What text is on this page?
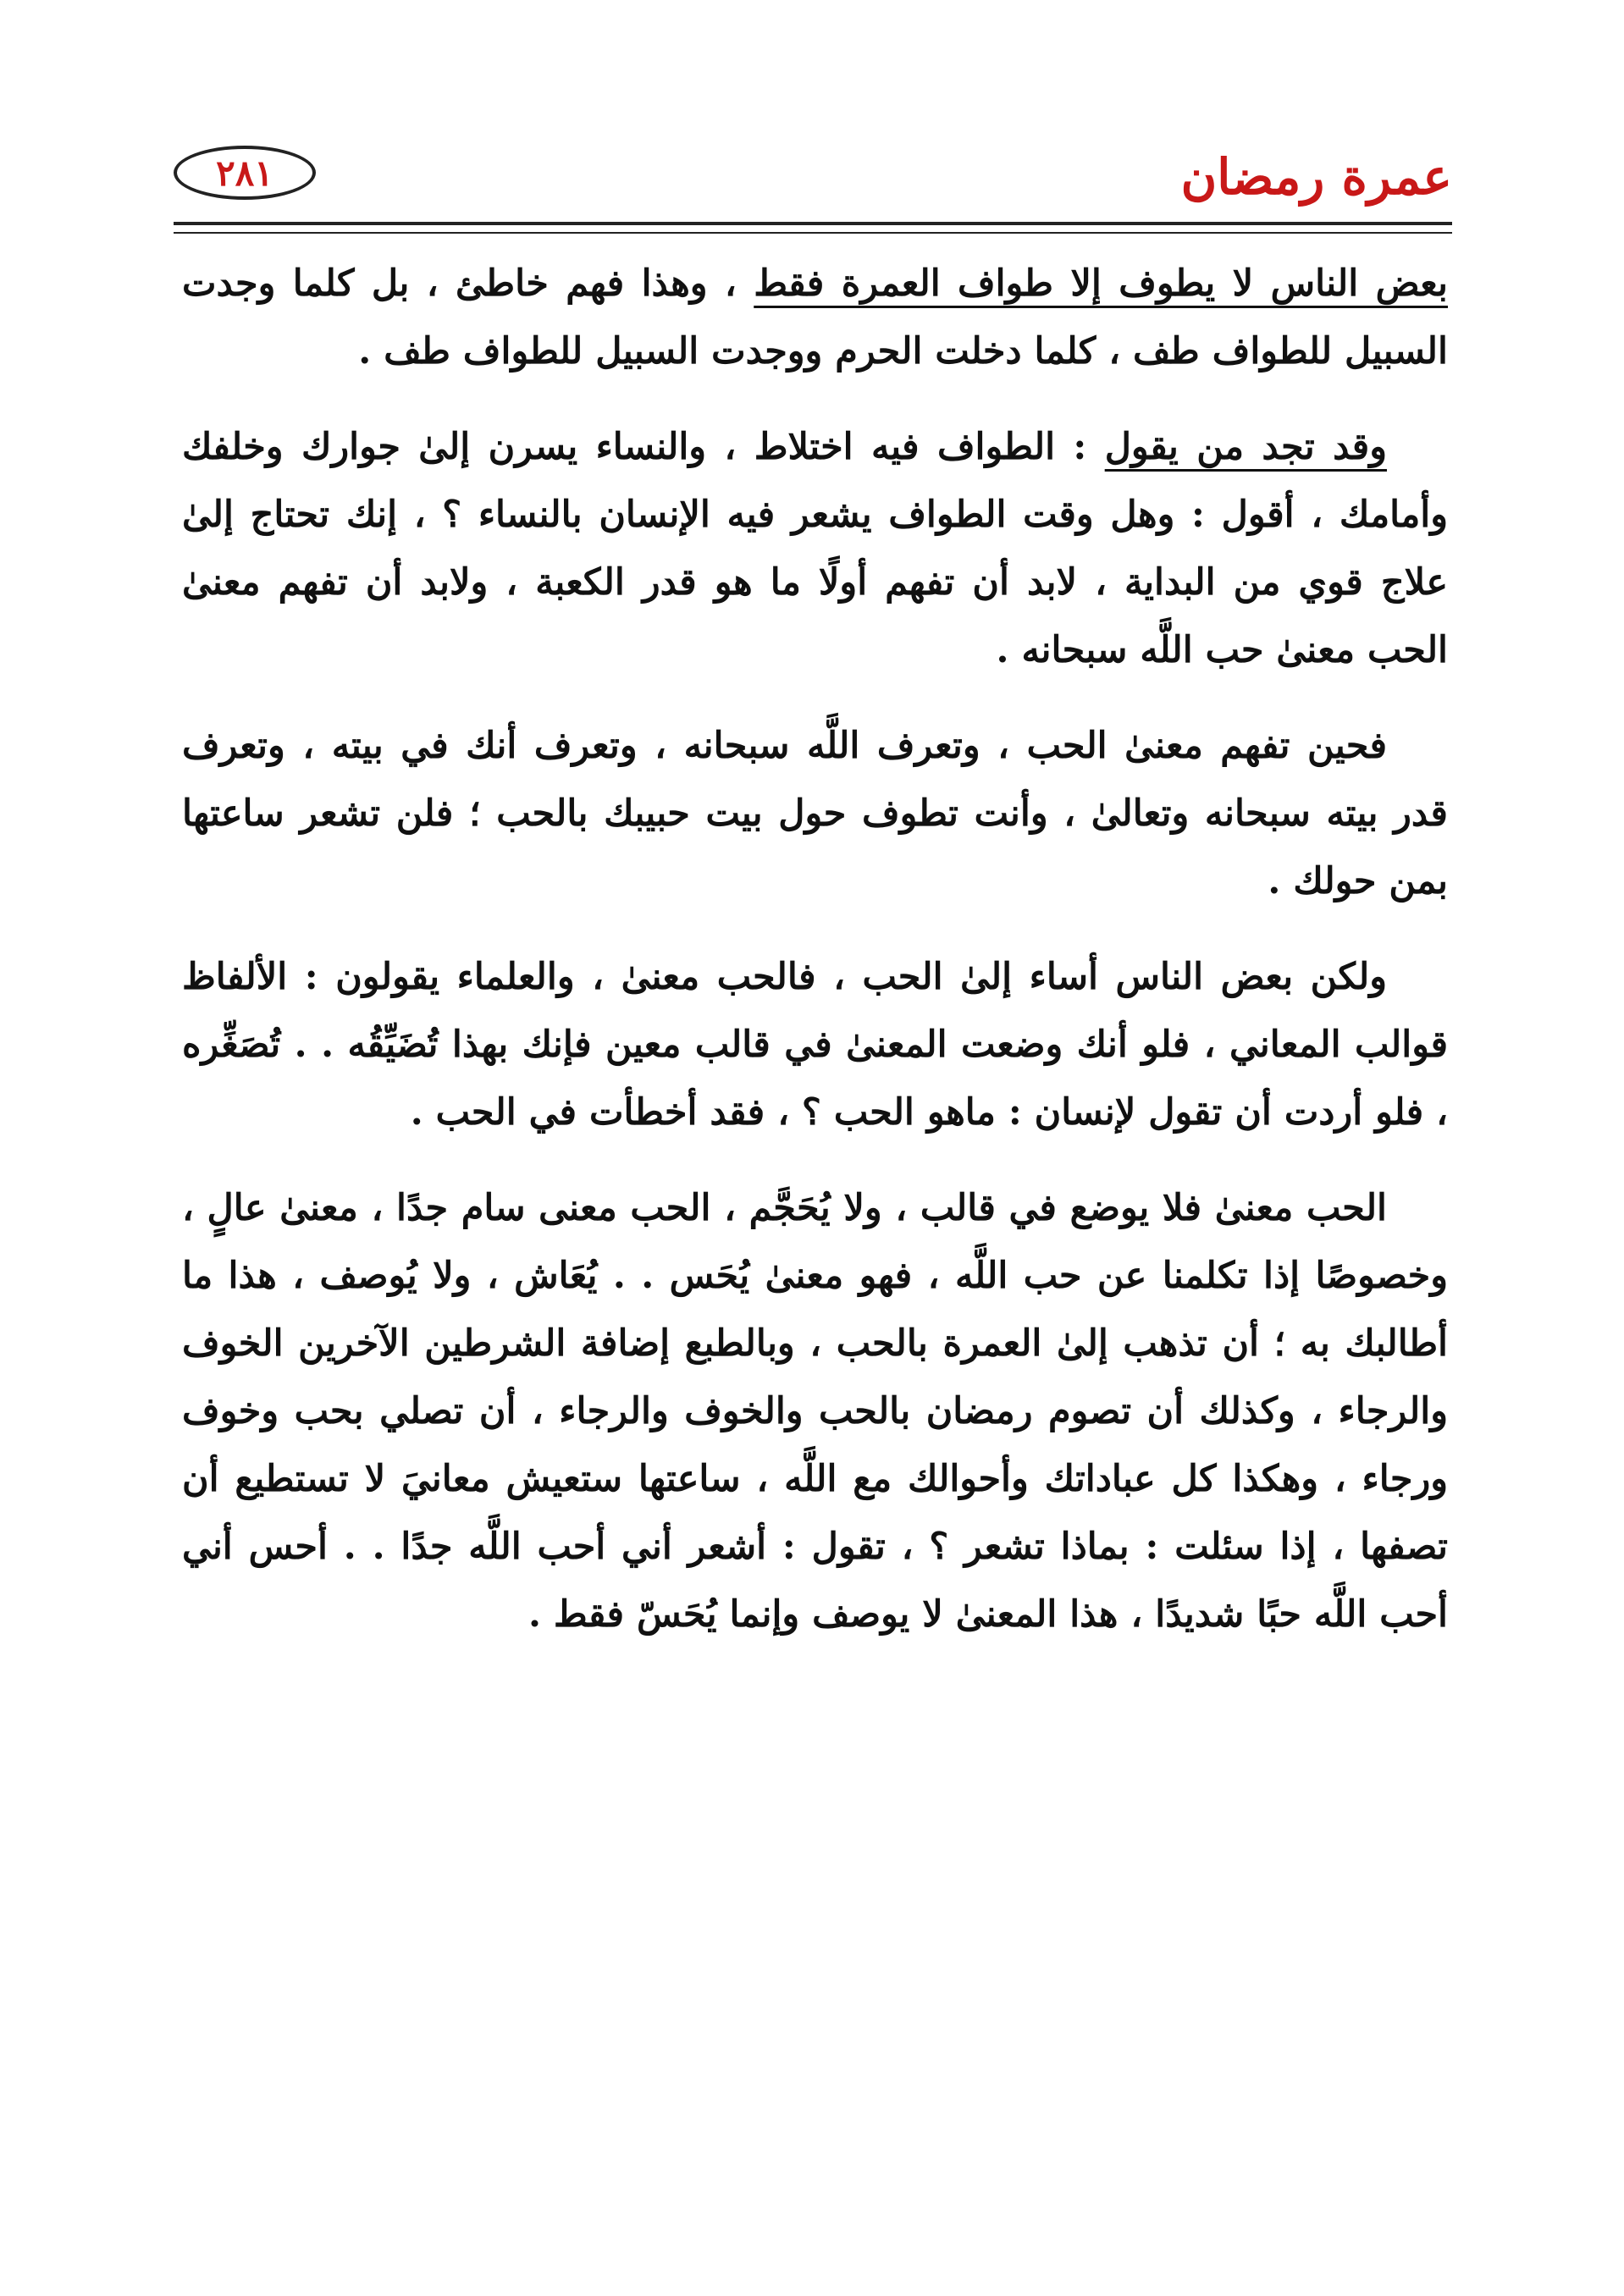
عمرة رمضان
٢٨١

بعض الناس لا يطوف إلا طواف العمرة فقط ، وهذا فهم خاطئ ، بل كلما وجدت السبيل للطواف طف ، كلما دخلت الحرم ووجدت السبيل للطواف طف .

وقد تجد من يقول : الطواف فيه اختلاط ، والنساء يسرن إلىٰ جوارك وخلفك وأمامك ، أقول : وهل وقت الطواف يشعر فيه الإنسان بالنساء ؟ ، إنك تحتاج إلىٰ علاج قوي من البداية ، لابد أن تفهم أولًا ما هو قدر الكعبة ، ولابد أن تفهم معنىٰ الحب معنىٰ حب اللَّه سبحانه .

فحين تفهم معنىٰ الحب ، وتعرف اللَّه سبحانه ، وتعرف أنك في بيته ، وتعرف قدر بيته سبحانه وتعالىٰ ، وأنت تطوف حول بيت حبيبك بالحب ؛ فلن تشعر ساعتها بمن حولك .

ولكن بعض الناس أساء إلىٰ الحب ، فالحب معنىٰ ، والعلماء يقولون : الألفاظ قوالب المعاني ، فلو أنك وضعت المعنىٰ في قالب معين فإنك بهذا تُضَيِّقُه . . تُصَغِّره ، فلو أردت أن تقول لإنسان : ماهو الحب ؟ ، فقد أخطأت في الحب .

الحب معنىٰ فلا يوضع في قالب ، ولا يُحَجَّم ، الحب معنى سام جدًا ، معنىٰ عالٍ ، وخصوصًا إذا تكلمنا عن حب اللَّه ، فهو معنىٰ يُحَس . . يُعَاش ، ولا يُوصف ، هذا ما أطالبك به ؛ أن تذهب إلىٰ العمرة بالحب ، وبالطبع إضافة الشرطين الآخرين الخوف والرجاء ، وكذلك أن تصوم رمضان بالحب والخوف والرجاء ، أن تصلي بحب وخوف ورجاء ، وهكذا كل عباداتك وأحوالك مع اللَّه ، ساعتها ستعيش معانيَ لا تستطيع أن تصفها ، إذا سئلت : بماذا تشعر ؟ ، تقول : أشعر أني أحب اللَّه جدًا . . أحس أني أحب اللَّه حبًا شديدًا ، هذا المعنىٰ لا يوصف وإنما يُحَسّ فقط .
